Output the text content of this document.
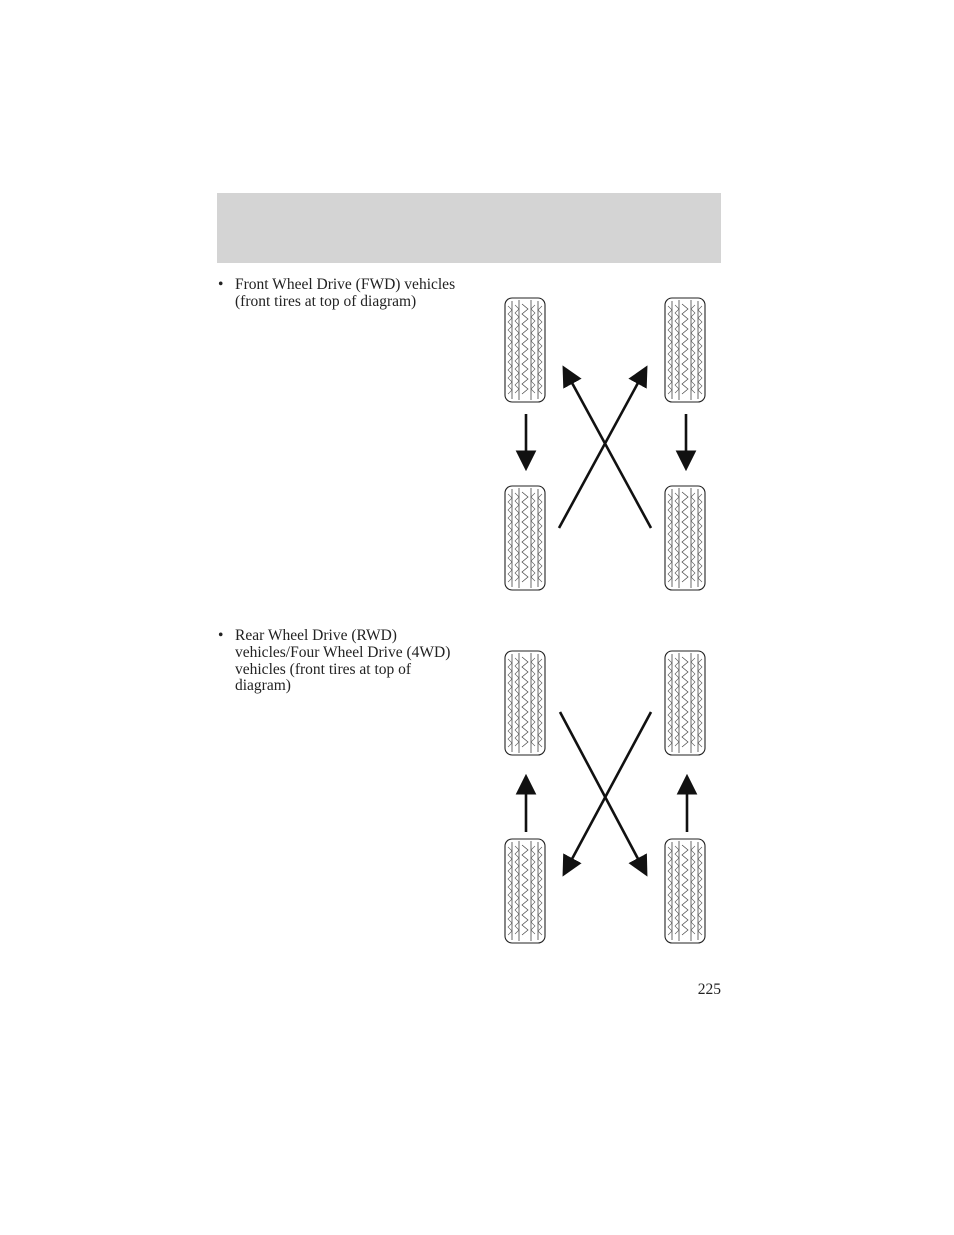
• Front Wheel Drive (FWD) vehicles (front tires at top of diagram)
• Rear Wheel Drive (RWD) vehicles/Four Wheel Drive (4WD) vehicles (front tires at top of diagram)
225
